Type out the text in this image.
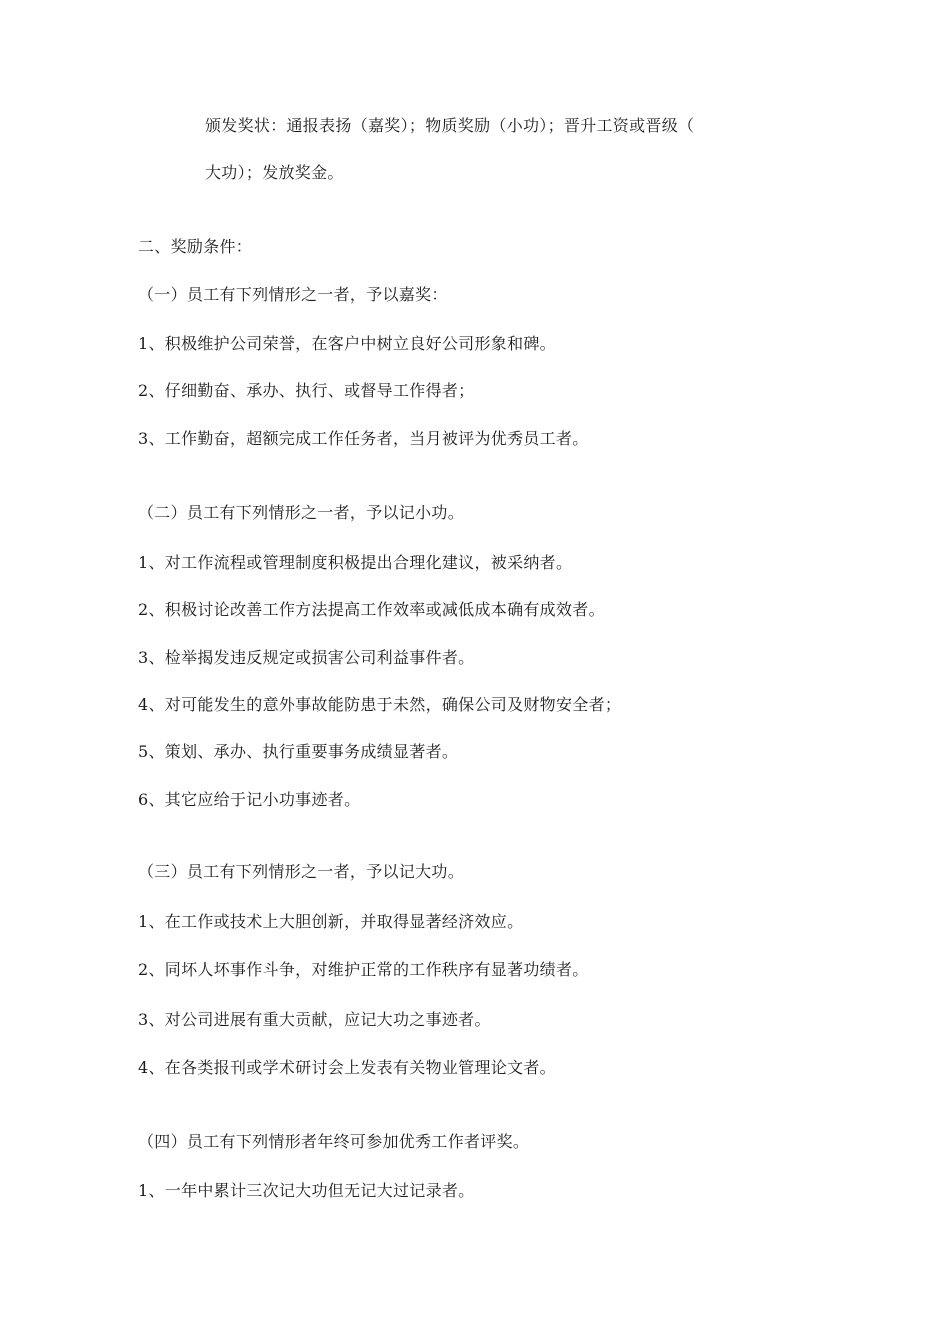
颁发奖状：通报表扬（嘉奖）；物质奖励（小功）；晋升工资或晋级（
大功）；发放奖金。
二、奖励条件：
（一）员工有下列情形之一者，予以嘉奖：
1、积极维护公司荣誉，在客户中树立良好公司形象和碑。
2、仔细勤奋、承办、执行、或督导工作得者；
3、工作勤奋，超额完成工作任务者，当月被评为优秀员工者。
（二）员工有下列情形之一者，予以记小功。
1、对工作流程或管理制度积极提出合理化建议，被采纳者。
2、积极讨论改善工作方法提高工作效率或减低成本确有成效者。
3、检举揭发违反规定或损害公司利益事件者。
4、对可能发生的意外事故能防患于未然，确保公司及财物安全者；
5、策划、承办、执行重要事务成绩显著者。
6、其它应给于记小功事迹者。
（三）员工有下列情形之一者，予以记大功。
1、在工作或技术上大胆创新，并取得显著经济效应。
2、同坏人坏事作斗争，对维护正常的工作秩序有显著功绩者。
3、对公司进展有重大贡献，应记大功之事迹者。
4、在各类报刊或学术研讨会上发表有关物业管理论文者。
（四）员工有下列情形者年终可参加优秀工作者评奖。
1、一年中累计三次记大功但无记大过记录者。
